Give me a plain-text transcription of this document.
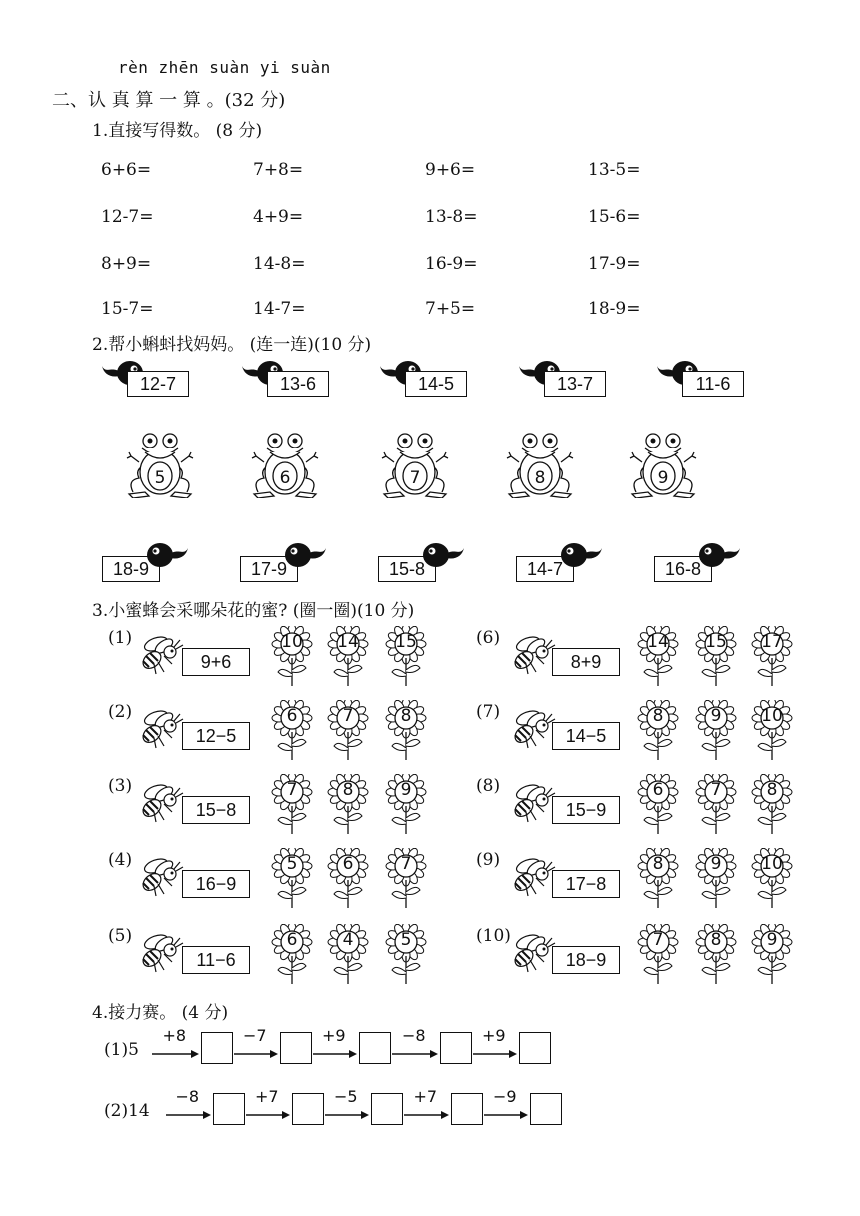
rèn zhēn suàn yi suàn
二、认 真 算 一 算 。(32 分)
1.直接写得数。 (8 分)
6+6=	7+8=	9+6=	13-5=
12-7=	4+9=	13-8=	15-6=
8+9=	14-8=	16-9=	17-9=
15-7=	14-7=	7+5=	18-9=
2.帮小蝌蚪找妈妈。 (连一连)(10 分)
12-7	13-6	14-5	13-7	11-6
5	6	7	8	9
18-9	17-9	15-8	14-7	16-8
3.小蜜蜂会采哪朵花的蜜? (圈一圈)(10 分)
(1)
9+6
10	14	15
(2)
12−5
6	7	8
(3)
15−8
7	8	9
(4)
16−9
5	6	7
(5)
11−6
6	4	5
(6)
8+9
14	15	17
(7)
14−5
8	9	10
(8)
15−9
6	7	8
(9)
17−8
8	9	10
(10)
18−9
7	8	9
4.接力赛。 (4 分)
(1)5
+8	−7	+9	−8	+9
(2)14
−8	+7	−5	+7	−9
